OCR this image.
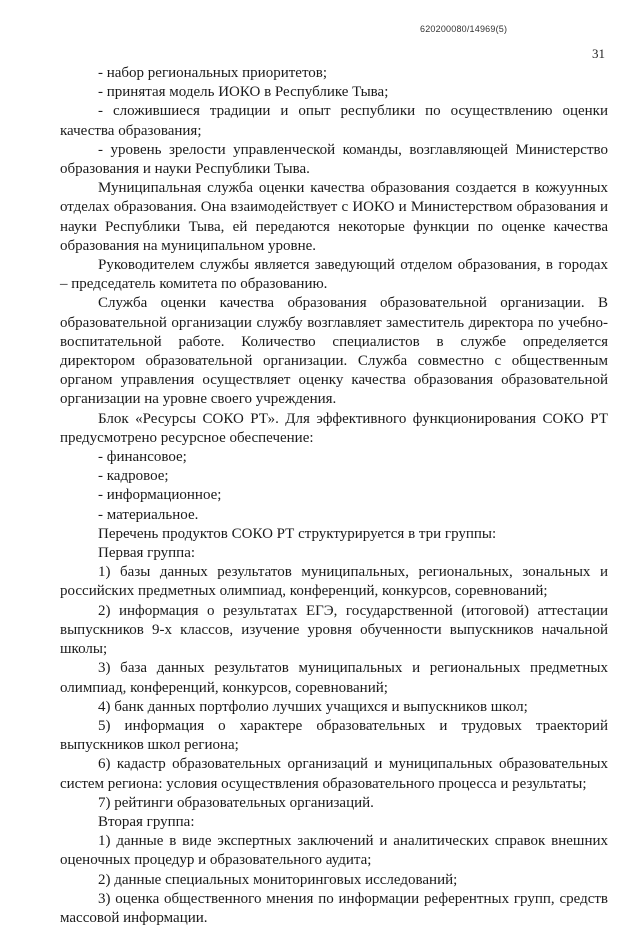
620200080/14969(5)
31

- набор региональных приоритетов;

- принятая модель ИОКО в Республике Тыва;

- сложившиеся традиции и опыт республики по осуществлению оценки качества образования;

- уровень зрелости управленческой команды, возглавляющей Министерство образования и науки Республики Тыва.

Муниципальная служба оценки качества образования создается в кожуунных отделах образования. Она взаимодействует с ИОКО и Министерством образования и науки Республики Тыва, ей передаются некоторые функции по оценке качества образования на муниципальном уровне.

Руководителем службы является заведующий отделом образования, в городах – председатель комитета по образованию.

Служба оценки качества образования образовательной организации. В образовательной организации службу возглавляет заместитель директора по учебно-воспитательной работе. Количество специалистов в службе определяется директором образовательной организации. Служба совместно с общественным органом управления осуществляет оценку качества образования образовательной организации на уровне своего учреждения.

Блок «Ресурсы СОКО РТ». Для эффективного функционирования СОКО РТ предусмотрено ресурсное обеспечение:

- финансовое;

- кадровое;

- информационное;

- материальное.

Перечень продуктов СОКО РТ структурируется в три группы:

Первая группа:

1) базы данных результатов муниципальных, региональных, зональных и российских предметных олимпиад, конференций, конкурсов, соревнований;

2) информация о результатах ЕГЭ, государственной (итоговой) аттестации выпускников 9-х классов, изучение уровня обученности выпускников начальной школы;

3) база данных результатов муниципальных и региональных предметных олимпиад, конференций, конкурсов, соревнований;

4) банк данных портфолио лучших учащихся и выпускников школ;

5) информация о характере образовательных и трудовых траекторий выпускников школ региона;

6) кадастр образовательных организаций и муниципальных образовательных систем региона: условия осуществления образовательного процесса и результаты;

7) рейтинги образовательных организаций.

Вторая группа:

1) данные в виде экспертных заключений и аналитических справок внешних оценочных процедур и образовательного аудита;

2) данные специальных мониторинговых исследований;

3) оценка общественного мнения по информации референтных групп, средств массовой информации.
